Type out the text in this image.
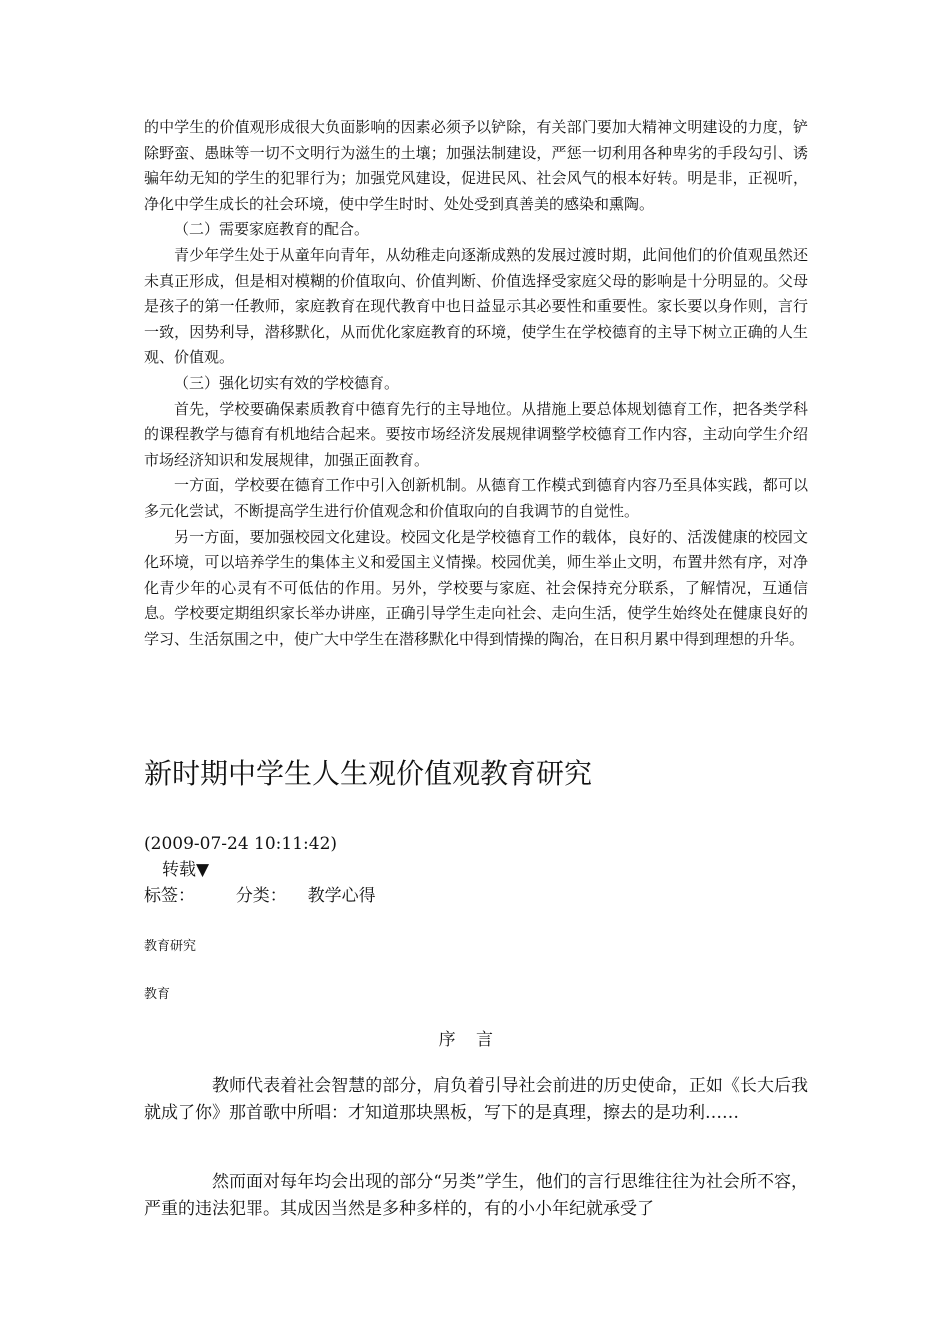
的中学生的价值观形成很大负面影响的因素必须予以铲除，有关部门要加大精神文明建设的力度，铲除野蛮、愚昧等一切不文明行为滋生的土壤；加强法制建设，严惩一切利用各种卑劣的手段勾引、诱骗年幼无知的学生的犯罪行为；加强党风建设，促进民风、社会风气的根本好转。明是非，正视听，净化中学生成长的社会环境，使中学生时时、处处受到真善美的感染和熏陶。

（二）需要家庭教育的配合。

青少年学生处于从童年向青年，从幼稚走向逐渐成熟的发展过渡时期，此间他们的价值观虽然还未真正形成，但是相对模糊的价值取向、价值判断、价值选择受家庭父母的影响是十分明显的。父母是孩子的第一任教师，家庭教育在现代教育中也日益显示其必要性和重要性。家长要以身作则，言行一致，因势利导，潜移默化，从而优化家庭教育的环境，使学生在学校德育的主导下树立正确的人生观、价值观。

（三）强化切实有效的学校德育。

首先，学校要确保素质教育中德育先行的主导地位。从措施上要总体规划德育工作，把各类学科的课程教学与德育有机地结合起来。要按市场经济发展规律调整学校德育工作内容，主动向学生介绍市场经济知识和发展规律，加强正面教育。

一方面，学校要在德育工作中引入创新机制。从德育工作模式到德育内容乃至具体实践，都可以多元化尝试，不断提高学生进行价值观念和价值取向的自我调节的自觉性。

另一方面，要加强校园文化建设。校园文化是学校德育工作的载体，良好的、活泼健康的校园文化环境，可以培养学生的集体主义和爱国主义情操。校园优美，师生举止文明，布置井然有序，对净化青少年的心灵有不可低估的作用。另外，学校要与家庭、社会保持充分联系，了解情况，互通信息。学校要定期组织家长举办讲座，正确引导学生走向社会、走向生活，使学生始终处在健康良好的学习、生活氛围之中，使广大中学生在潜移默化中得到情操的陶冶，在日积月累中得到理想的升华。

新时期中学生人生观价值观教育研究
(2009-07-24 10:11:42)
转载▼
标签： 分类： 教学心得
教育研究
教育
序言

教师代表着社会智慧的部分，肩负着引导社会前进的历史使命，正如《长大后我就成了你》那首歌中所唱：才知道那块黑板，写下的是真理，擦去的是功利……

然而面对每年均会出现的部分“另类”学生，他们的言行思维往往为社会所不容，严重的违法犯罪。其成因当然是多种多样的，有的小小年纪就承受了
